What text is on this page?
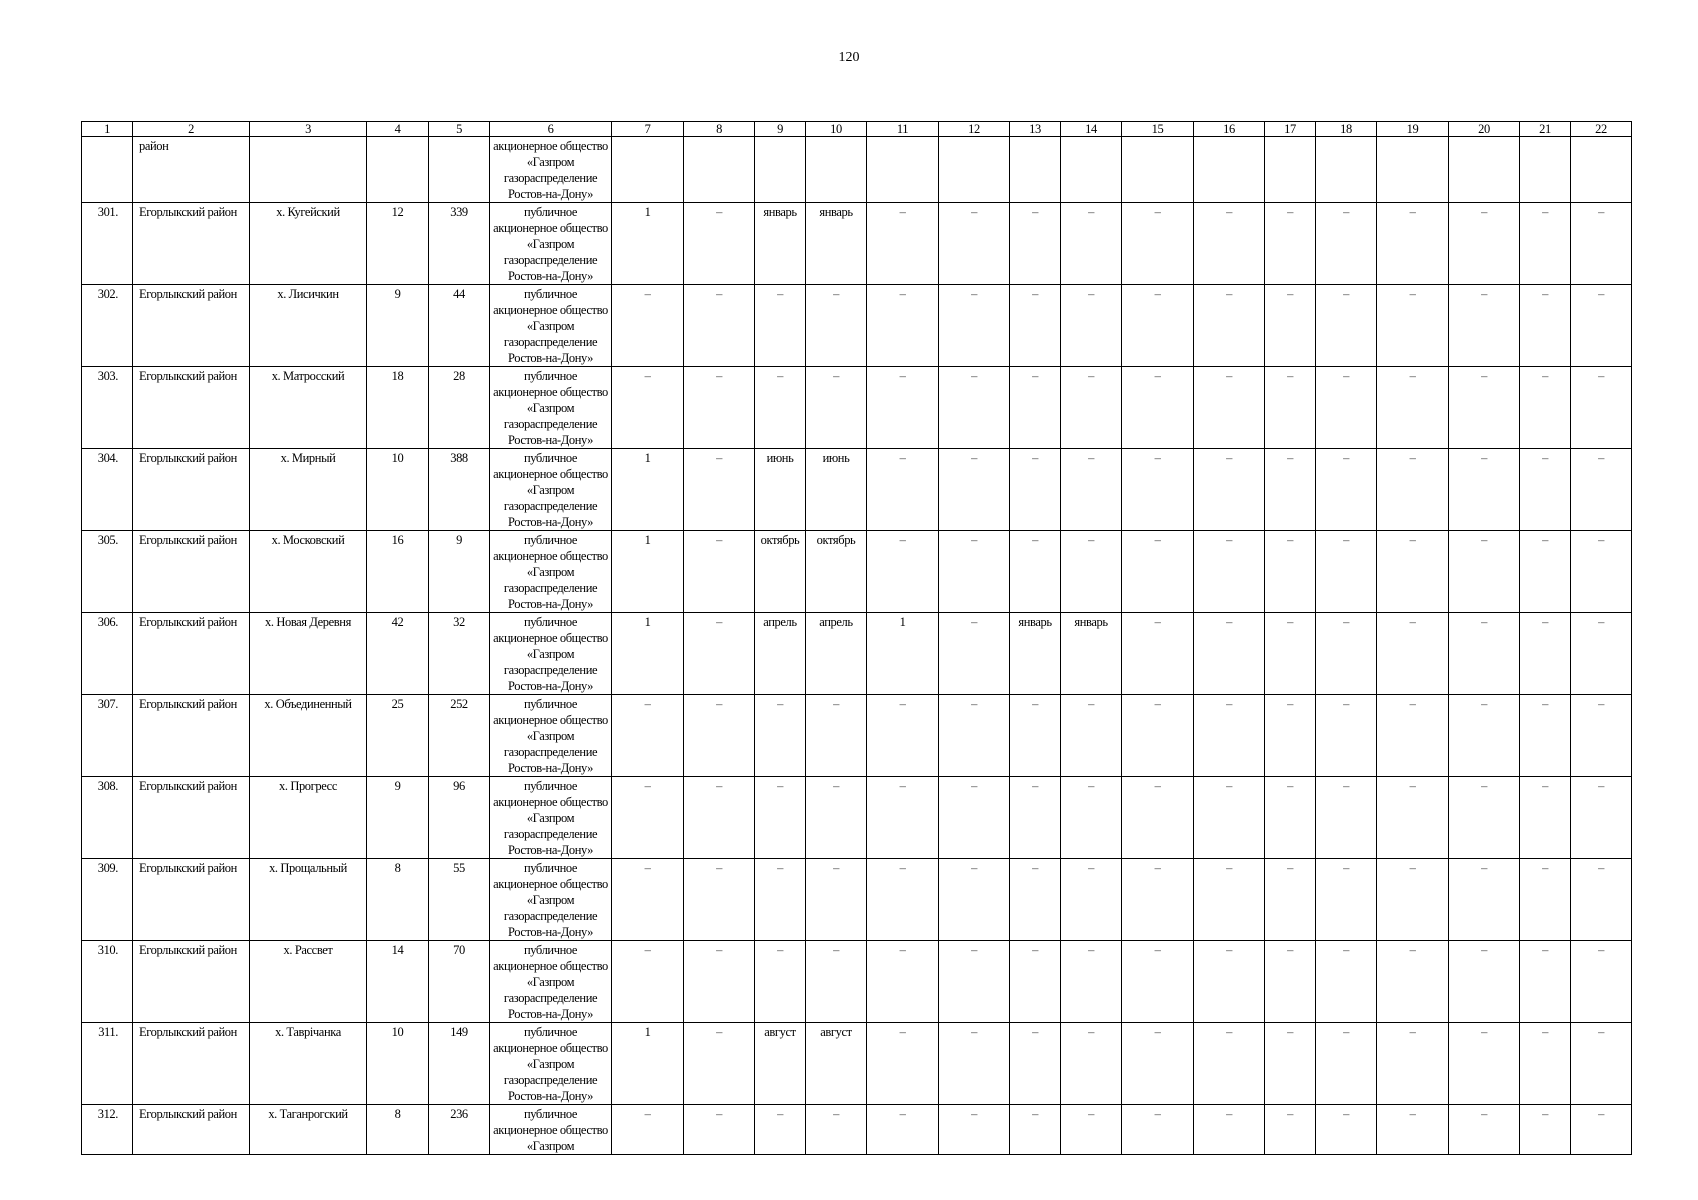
120
1	2	3	4	5	6	7	8	9	10	11	12	13	14	15	16	17	18	19	20	21	22
	район				акционерное общество «Газпром газораспределение Ростов-на-Дону»																
301.	Егорлыкский район	х. Кугейский	12	339	публичное акционерное общество «Газпром газораспределение Ростов-на-Дону»	1	–	январь	январь	–	–	–	–	–	–	–	–	–	–	–	–
302.	Егорлыкский район	х. Лисичкин	9	44	публичное акционерное общество «Газпром газораспределение Ростов-на-Дону»	–	–	–	–	–	–	–	–	–	–	–	–	–	–	–	–
303.	Егорлыкский район	х. Матросский	18	28	публичное акционерное общество «Газпром газораспределение Ростов-на-Дону»	–	–	–	–	–	–	–	–	–	–	–	–	–	–	–	–
304.	Егорлыкский район	х. Мирный	10	388	публичное акционерное общество «Газпром газораспределение Ростов-на-Дону»	1	–	июнь	июнь	–	–	–	–	–	–	–	–	–	–	–	–
305.	Егорлыкский район	х. Московский	16	9	публичное акционерное общество «Газпром газораспределение Ростов-на-Дону»	1	–	октябрь	октябрь	–	–	–	–	–	–	–	–	–	–	–	–
306.	Егорлыкский район	х. Новая Деревня	42	32	публичное акционерное общество «Газпром газораспределение Ростов-на-Дону»	1	–	апрель	апрель	1	–	январь	январь	–	–	–	–	–	–	–	–
307.	Егорлыкский район	х. Объединенный	25	252	публичное акционерное общество «Газпром газораспределение Ростов-на-Дону»	–	–	–	–	–	–	–	–	–	–	–	–	–	–	–	–
308.	Егорлыкский район	х. Прогресс	9	96	публичное акционерное общество «Газпром газораспределение Ростов-на-Дону»	–	–	–	–	–	–	–	–	–	–	–	–	–	–	–	–
309.	Егорлыкский район	х. Прощальный	8	55	публичное акционерное общество «Газпром газораспределение Ростов-на-Дону»	–	–	–	–	–	–	–	–	–	–	–	–	–	–	–	–
310.	Егорлыкский район	х. Рассвет	14	70	публичное акционерное общество «Газпром газораспределение Ростов-на-Дону»	–	–	–	–	–	–	–	–	–	–	–	–	–	–	–	–
311.	Егорлыкский район	х. Таврічанка	10	149	публичное акционерное общество «Газпром газораспределение Ростов-на-Дону»	1	–	август	август	–	–	–	–	–	–	–	–	–	–	–	–
312.	Егорлыкский район	х. Таганрогский	8	236	публичное акционерное общество «Газпром	–	–	–	–	–	–	–	–	–	–	–	–	–	–	–	–
